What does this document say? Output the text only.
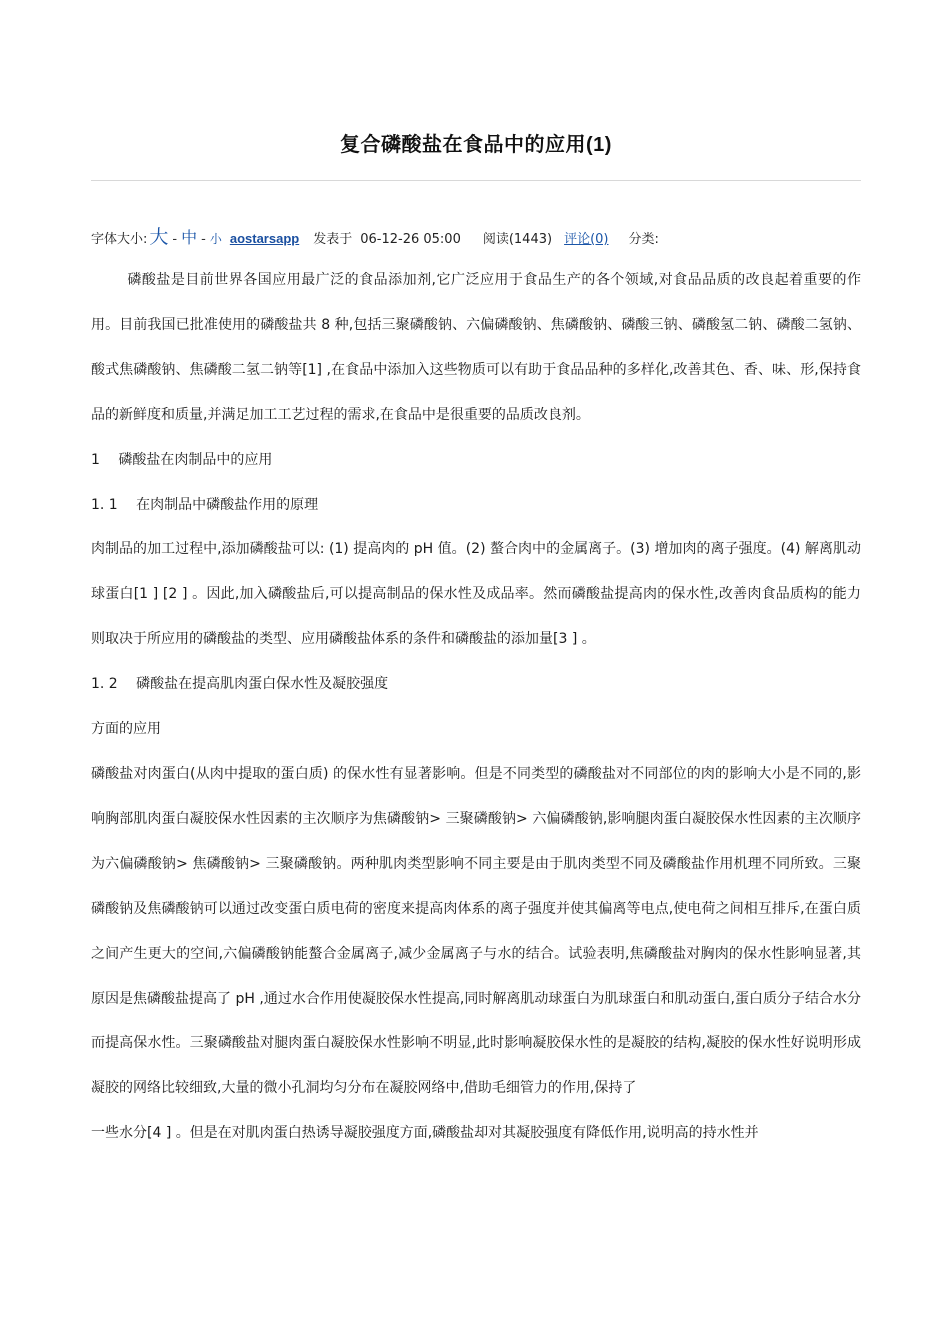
复合磷酸盐在食品中的应用(1)
字体大小: 大 - 中 - 小 aostarsapp 发表于 06-12-26 05:00 阅读(1443) 评论(0) 分类:

磷酸盐是目前世界各国应用最广泛的食品添加剂,它广泛应用于食品生产的各个领域,对食品品质的改良起着重要的作用。目前我国已批准使用的磷酸盐共 8 种,包括三聚磷酸钠、六偏磷酸钠、焦磷酸钠、磷酸三钠、磷酸氢二钠、磷酸二氢钠、酸式焦磷酸钠、焦磷酸二氢二钠等[1] ,在食品中添加入这些物质可以有助于食品品种的多样化,改善其色、香、味、形,保持食品的新鲜度和质量,并满足加工工艺过程的需求,在食品中是很重要的品质改良剂。

1　 磷酸盐在肉制品中的应用

1. 1　 在肉制品中磷酸盐作用的原理

肉制品的加工过程中,添加磷酸盐可以: (1) 提高肉的 pH 值。(2) 螯合肉中的金属离子。(3) 增加肉的离子强度。(4) 解离肌动球蛋白[1 ] [2 ] 。因此,加入磷酸盐后,可以提高制品的保水性及成品率。然而磷酸盐提高肉的保水性,改善肉食品质构的能力则取决于所应用的磷酸盐的类型、应用磷酸盐体系的条件和磷酸盐的添加量[3 ] 。

1. 2　 磷酸盐在提高肌肉蛋白保水性及凝胶强度

方面的应用

磷酸盐对肉蛋白(从肉中提取的蛋白质) 的保水性有显著影响。但是不同类型的磷酸盐对不同部位的肉的影响大小是不同的,影响胸部肌肉蛋白凝胶保水性因素的主次顺序为焦磷酸钠> 三聚磷酸钠> 六偏磷酸钠,影响腿肉蛋白凝胶保水性因素的主次顺序为六偏磷酸钠> 焦磷酸钠> 三聚磷酸钠。两种肌肉类型影响不同主要是由于肌肉类型不同及磷酸盐作用机理不同所致。三聚磷酸钠及焦磷酸钠可以通过改变蛋白质电荷的密度来提高肉体系的离子强度并使其偏离等电点,使电荷之间相互排斥,在蛋白质之间产生更大的空间,六偏磷酸钠能螯合金属离子,减少金属离子与水的结合。试验表明,焦磷酸盐对胸肉的保水性影响显著,其原因是焦磷酸盐提高了 pH ,通过水合作用使凝胶保水性提高,同时解离肌动球蛋白为肌球蛋白和肌动蛋白,蛋白质分子结合水分而提高保水性。三聚磷酸盐对腿肉蛋白凝胶保水性影响不明显,此时影响凝胶保水性的是凝胶的结构,凝胶的保水性好说明形成凝胶的网络比较细致,大量的微小孔洞均匀分布在凝胶网络中,借助毛细管力的作用,保持了

一些水分[4 ] 。但是在对肌肉蛋白热诱导凝胶强度方面,磷酸盐却对其凝胶强度有降低作用,说明高的持水性并
